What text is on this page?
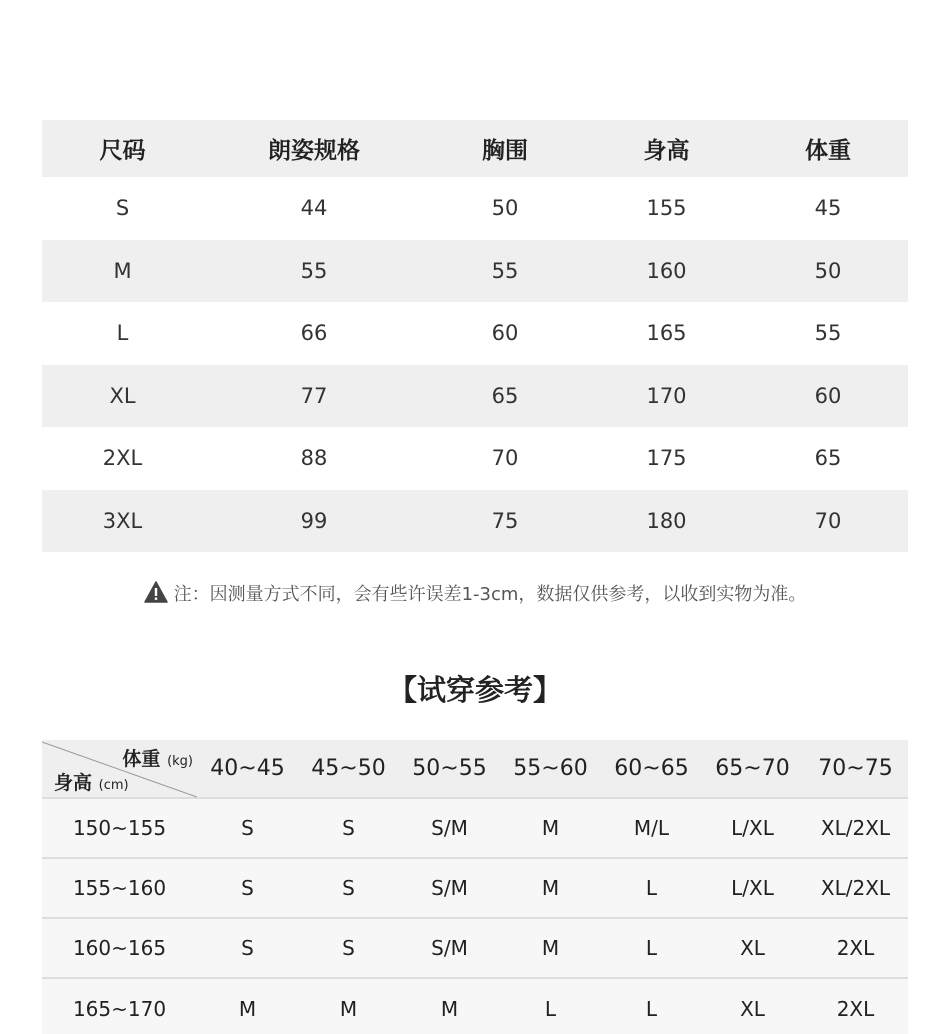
尺码	朗姿规格	胸围	身高	体重
S	44	50	155	45
M	55	55	160	50
L	66	60	165	55
XL	77	65	170	60
2XL	88	70	175	65
3XL	99	75	180	70
注：因测量方式不同，会有些许误差1-3cm，数据仅供参考，以收到实物为准。
【试穿参考】
体重 (kg)
身高 (cm)	40~45	45~50	50~55	55~60	60~65	65~70	70~75
150~155	S	S	S/M	M	M/L	L/XL	XL/2XL
155~160	S	S	S/M	M	L	L/XL	XL/2XL
160~165	S	S	S/M	M	L	XL	2XL
165~170	M	M	M	L	L	XL	2XL
